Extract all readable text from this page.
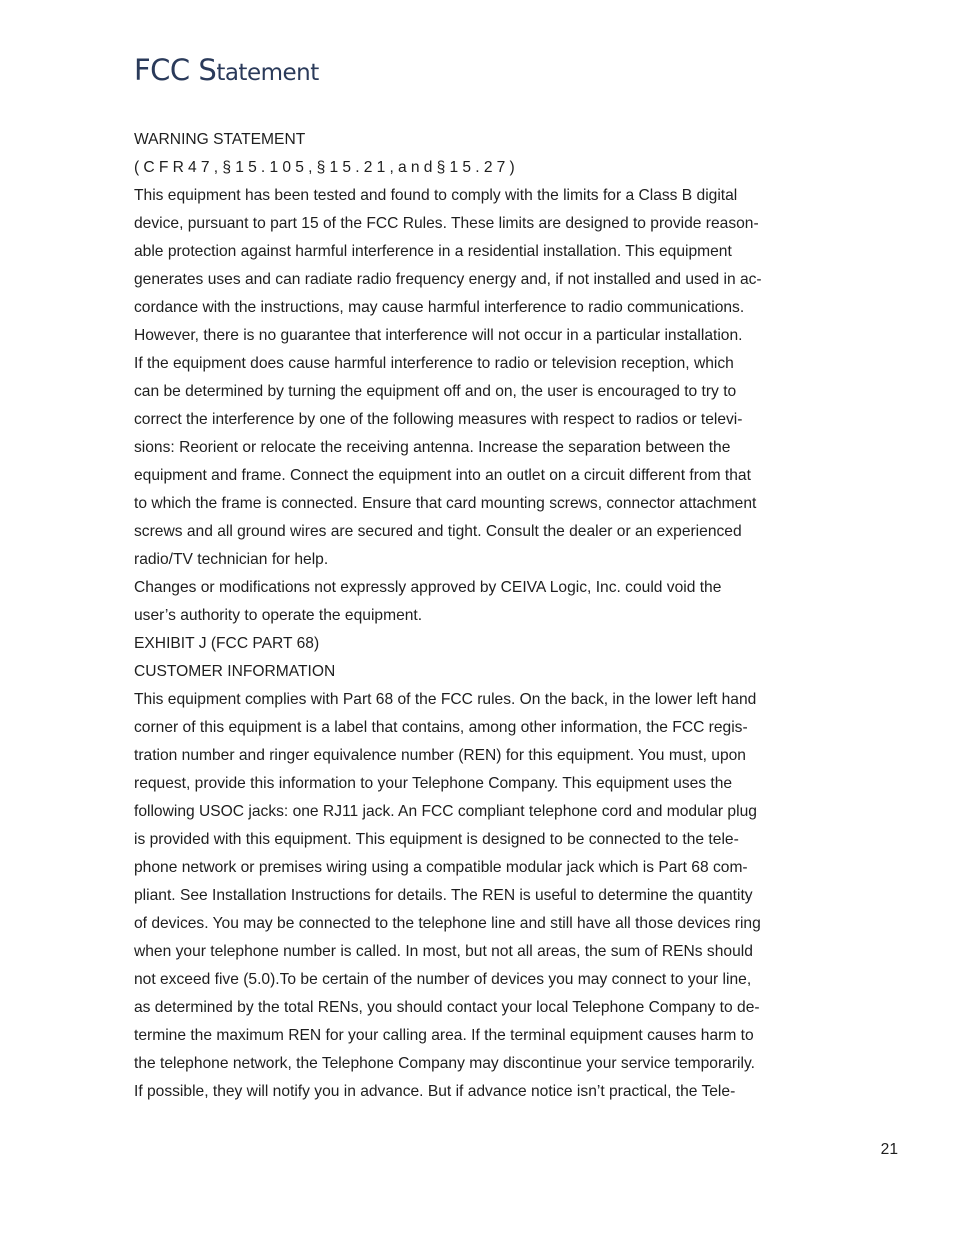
FCC Statement
WARNING STATEMENT
(CFR47,§15.105,§15.21,and§15.27)
This equipment has been tested and found to comply with the limits for a Class B digital
device, pursuant to part 15 of the FCC Rules. These limits are designed to provide reason-
able protection against harmful interference in a residential installation. This equipment
generates uses and can radiate radio frequency energy and, if not installed and used in ac-
cordance with the instructions, may cause harmful interference to radio communications.
However, there is no guarantee that interference will not occur in a particular installation.
If the equipment does cause harmful interference to radio or television reception, which
can be determined by turning the equipment off and on, the user is encouraged to try to
correct the interference by one of the following measures with respect to radios or televi-
sions: Reorient or relocate the receiving antenna. Increase the separation between the
equipment and frame. Connect the equipment into an outlet on a circuit different from that
to which the frame is connected. Ensure that card mounting screws, connector attachment
screws and all ground wires are secured and tight. Consult the dealer or an experienced
radio/TV technician for help.
Changes or modifications not expressly approved by CEIVA Logic, Inc. could void the
user’s authority to operate the equipment.
EXHIBIT J (FCC PART 68)
CUSTOMER INFORMATION
This equipment complies with Part 68 of the FCC rules. On the back, in the lower left hand
corner of this equipment is a label that contains, among other information, the FCC regis-
tration number and ringer equivalence number (REN) for this equipment. You must, upon
request, provide this information to your Telephone Company. This equipment uses the
following USOC jacks: one RJ11 jack. An FCC compliant telephone cord and modular plug
is provided with this equipment. This equipment is designed to be connected to the tele-
phone network or premises wiring using a compatible modular jack which is Part 68 com-
pliant. See Installation Instructions for details. The REN is useful to determine the quantity
of devices. You may be connected to the telephone line and still have all those devices ring
when your telephone number is called. In most, but not all areas, the sum of RENs should
not exceed five (5.0).To be certain of the number of devices you may connect to your line,
as determined by the total RENs, you should contact your local Telephone Company to de-
termine the maximum REN for your calling area. If the terminal equipment causes harm to
the telephone network, the Telephone Company may discontinue your service temporarily.
If possible, they will notify you in advance. But if advance notice isn’t practical, the Tele-
21
